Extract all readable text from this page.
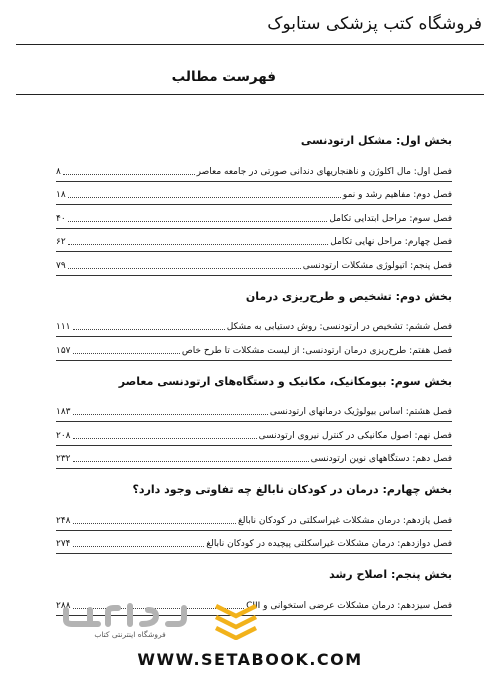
فروشگاه کتب پزشکی ستابوک
فهرست مطالب
بخش اول: مشکل ارتودنسی
فصل اول: مال اکلوژن و ناهنجاریهای دندانی صورتی در جامعه معاصر
۸
فصل دوم: مفاهیم رشد و نمو
۱۸
فصل سوم: مراحل ابتدایی تکامل
۴۰
فصل چهارم: مراحل نهایی تکامل
۶۲
فصل پنجم: اتیولوژی مشکلات ارتودنسی
۷۹
بخش دوم: تشخیص و طرح‌ریزی درمان
فصل ششم: تشخیص در ارتودنسی: روش دستیابی به مشکل
۱۱۱
فصل هفتم: طرح‌ریزی درمان ارتودنسی: از لیست مشکلات تا طرح خاص
۱۵۷
بخش سوم: بیومکانیک، مکانیک و دستگاه‌های ارتودنسی معاصر
فصل هشتم: اساس بیولوژیک درمانهای ارتودنسی
۱۸۳
فصل نهم: اصول مکانیکی در کنترل نیروی ارتودنسی
۲۰۸
فصل دهم: دستگاههای نوین ارتودنسی
۲۳۲
بخش چهارم: درمان در کودکان نابالغ چه تفاوتی وجود دارد؟
فصل یازدهم: درمان مشکلات غیراسکلتی در کودکان نابالغ
۲۴۸
فصل دوازدهم: درمان مشکلات غیراسکلتی پیچیده در کودکان نابالغ
۲۷۴
بخش پنجم: اصلاح رشد
فصل سیزدهم: درمان مشکلات عرضی استخوانی و CIII
۲۸۸
فروشگاه اینترنتی کتاب
WWW.SETABOOK.COM
